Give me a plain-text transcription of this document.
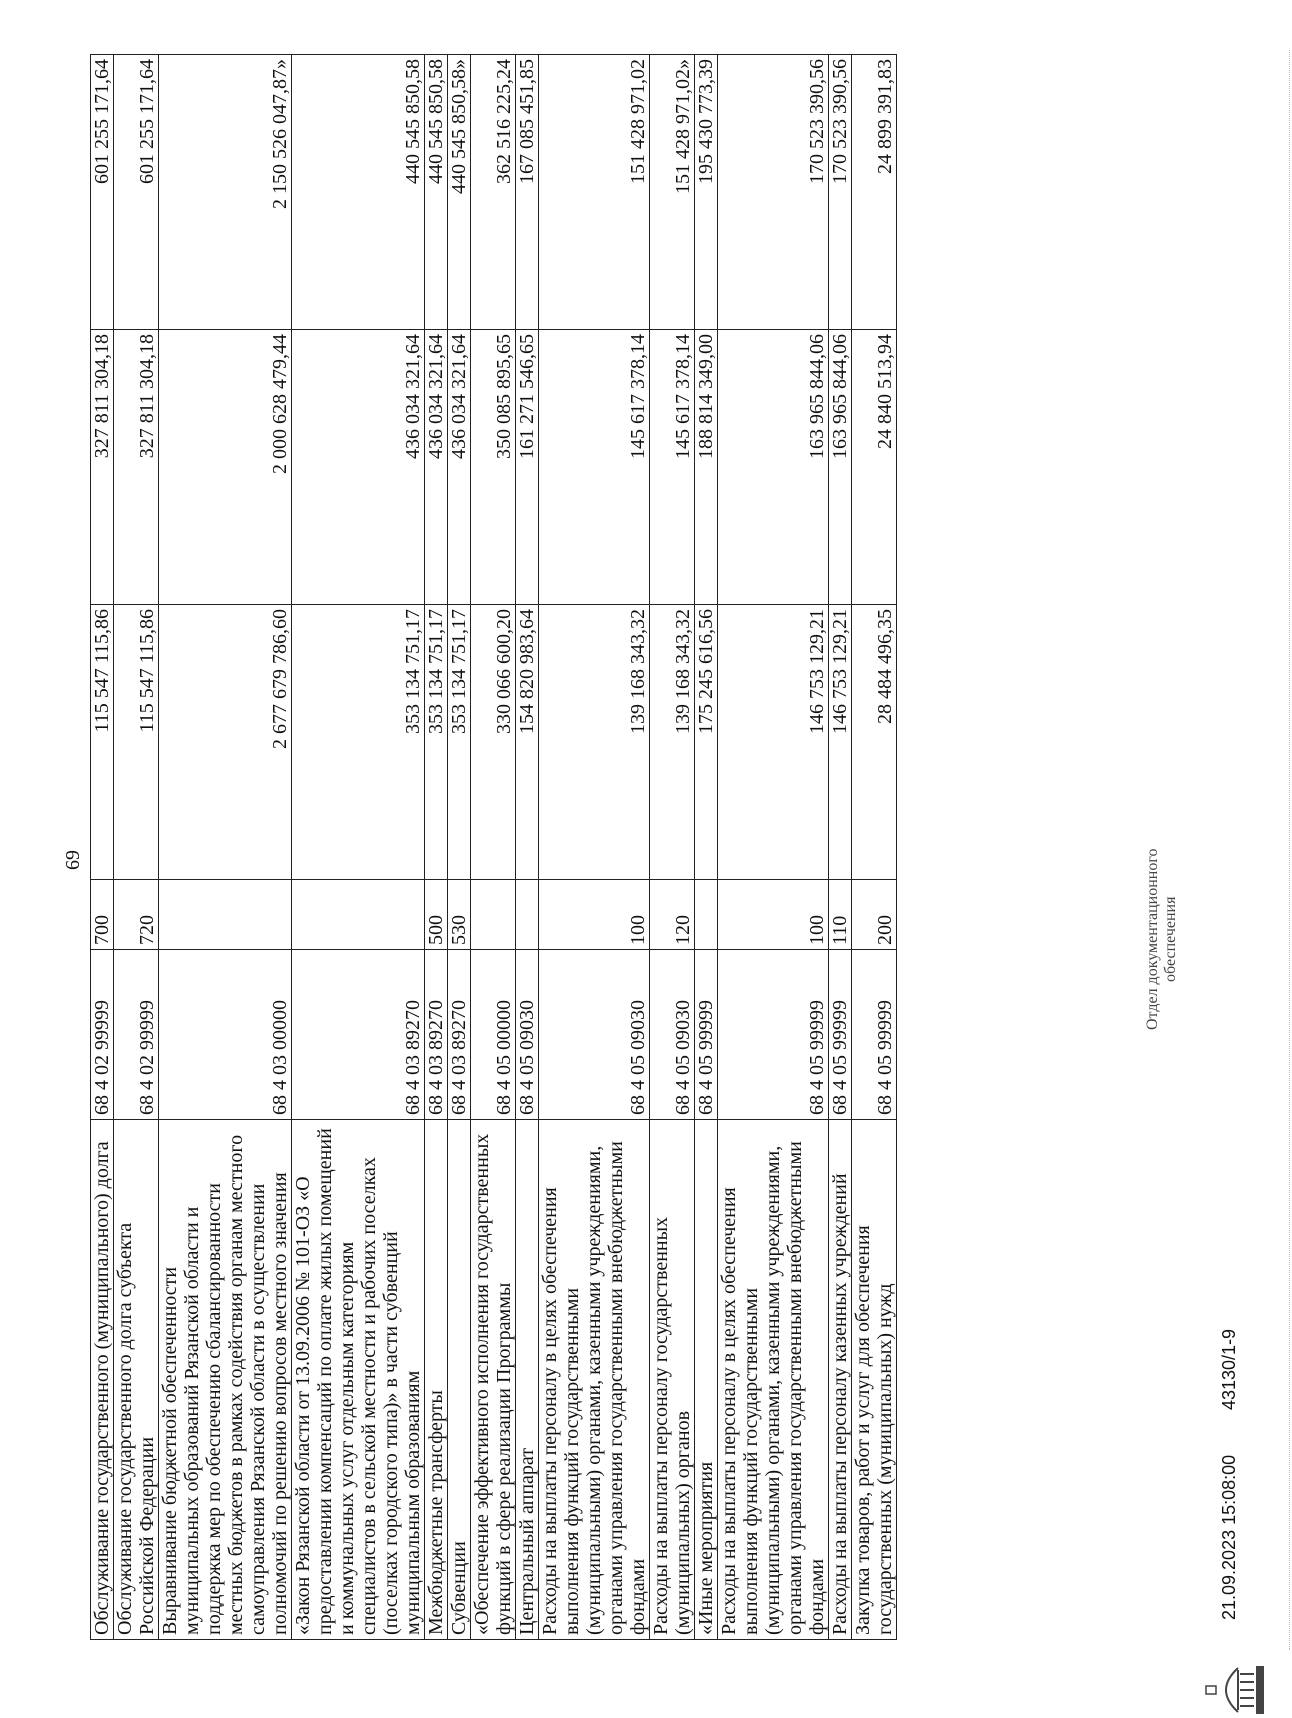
69
Обслуживание государственного (муниципального) долга	68 4 02 99999	700	115 547 115,86	327 811 304,18	601 255 171,64
Обслуживание государственного долга субъекта Российской Федерации	68 4 02 99999	720	115 547 115,86	327 811 304,18	601 255 171,64
Выравнивание бюджетной обеспеченности муниципальных образований Рязанской области и поддержка мер по обеспечению сбалансированности местных бюджетов в рамках содействия органам местного самоуправления Рязанской области в осуществлении полномочий по решению вопросов местного значения	68 4 03 00000		2 677 679 786,60	2 000 628 479,44	2 150 526 047,87»
«Закон Рязанской области от 13.09.2006 № 101-ОЗ «О предоставлении компенсаций по оплате жилых помещений и коммунальных услуг отдельным категориям специалистов в сельской местности и рабочих поселках (поселках городского типа)» в части субвенций муниципальным образованиям	68 4 03 89270		353 134 751,17	436 034 321,64	440 545 850,58
Межбюджетные трансферты	68 4 03 89270	500	353 134 751,17	436 034 321,64	440 545 850,58
Субвенции	68 4 03 89270	530	353 134 751,17	436 034 321,64	440 545 850,58»
«Обеспечение эффективного исполнения государственных функций в сфере реализации Программы	68 4 05 00000		330 066 600,20	350 085 895,65	362 516 225,24
Центральный аппарат	68 4 05 09030		154 820 983,64	161 271 546,65	167 085 451,85
Расходы на выплаты персоналу в целях обеспечения выполнения функций государственными (муниципальными) органами, казенными учреждениями, органами управления государственными внебюджетными фондами	68 4 05 09030	100	139 168 343,32	145 617 378,14	151 428 971,02
Расходы на выплаты персоналу государственных (муниципальных) органов	68 4 05 09030	120	139 168 343,32	145 617 378,14	151 428 971,02»
«Иные мероприятия	68 4 05 99999		175 245 616,56	188 814 349,00	195 430 773,39
Расходы на выплаты персоналу в целях обеспечения выполнения функций государственными (муниципальными) органами, казенными учреждениями, органами управления государственными внебюджетными фондами	68 4 05 99999	100	146 753 129,21	163 965 844,06	170 523 390,56
Расходы на выплаты персоналу казенных учреждений	68 4 05 99999	110	146 753 129,21	163 965 844,06	170 523 390,56
Закупка товаров, работ и услуг для обеспечения государственных (муниципальных) нужд	68 4 05 99999	200	28 484 496,35	24 840 513,94	24 899 391,83
21.09.2023 15:08:00
43130/1-9
Отдел документационного обеспечения
